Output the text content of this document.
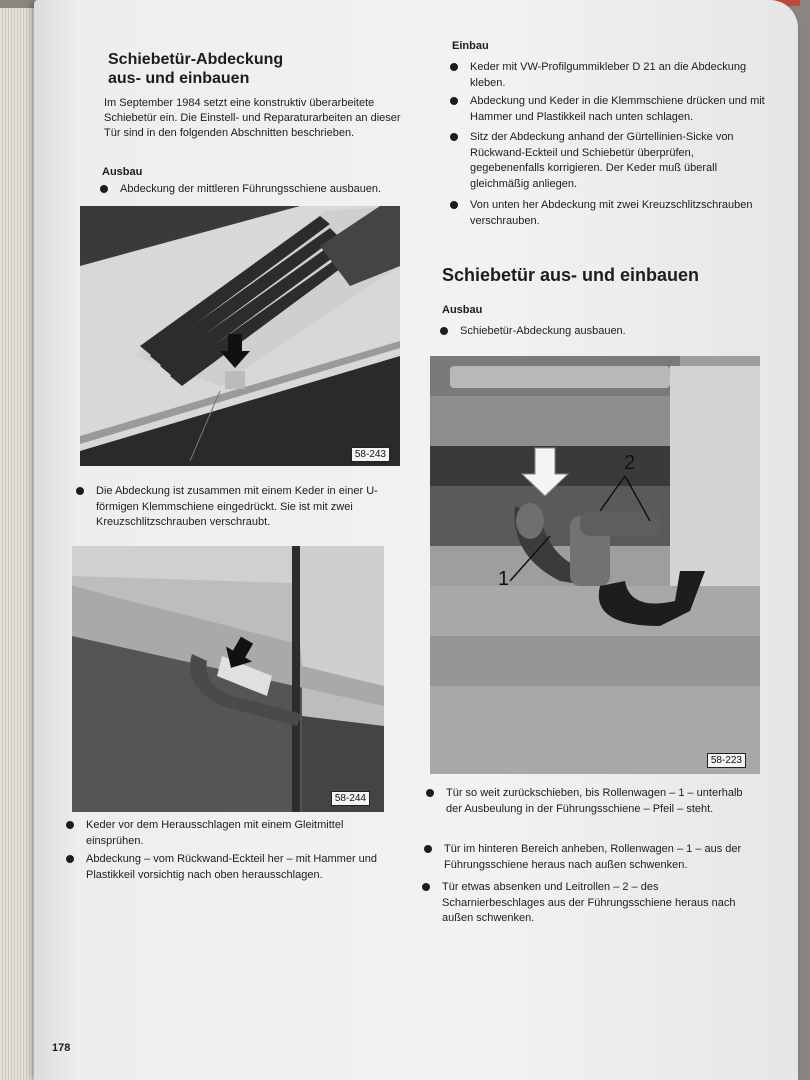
Schiebetür-Abdeckung
aus- und einbauen
Im September 1984 setzt eine konstruktiv überarbeitete Schiebetür ein. Die Einstell- und Reparaturarbeiten an dieser Tür sind in den folgenden Abschnitten beschrieben.
Ausbau
Abdeckung der mittleren Führungsschiene ausbauen.
58-243
Die Abdeckung ist zusammen mit einem Keder in einer U-förmigen Klemmschiene eingedrückt. Sie ist mit zwei Kreuzschlitzschrauben verschraubt.
58-244
Keder vor dem Herausschlagen mit einem Gleitmittel einsprühen.
Abdeckung – vom Rückwand-Eckteil her – mit Hammer und Plastikkeil vorsichtig nach oben herausschlagen.
178
Einbau
Keder mit VW-Profilgummikleber D 21 an die Abdeckung kleben.
Abdeckung und Keder in die Klemmschiene drücken und mit Hammer und Plastikkeil nach unten schlagen.
Sitz der Abdeckung anhand der Gürtellinien-Sicke von Rückwand-Eckteil und Schiebetür überprüfen, gegebenenfalls korrigieren. Der Keder muß überall gleichmäßig anliegen.
Von unten her Abdeckung mit zwei Kreuzschlitzschrauben verschrauben.
Schiebetür aus- und einbauen
Ausbau
Schiebetür-Abdeckung ausbauen.
1
2
58-223
Tür so weit zurückschieben, bis Rollenwagen – 1 – unterhalb der Ausbeulung in der Führungsschiene – Pfeil – steht.
Tür im hinteren Bereich anheben, Rollenwagen – 1 – aus der Führungsschiene heraus nach außen schwenken.
Tür etwas absenken und Leitrollen – 2 – des Scharnierbeschlages aus der Führungsschiene heraus nach außen schwenken.
